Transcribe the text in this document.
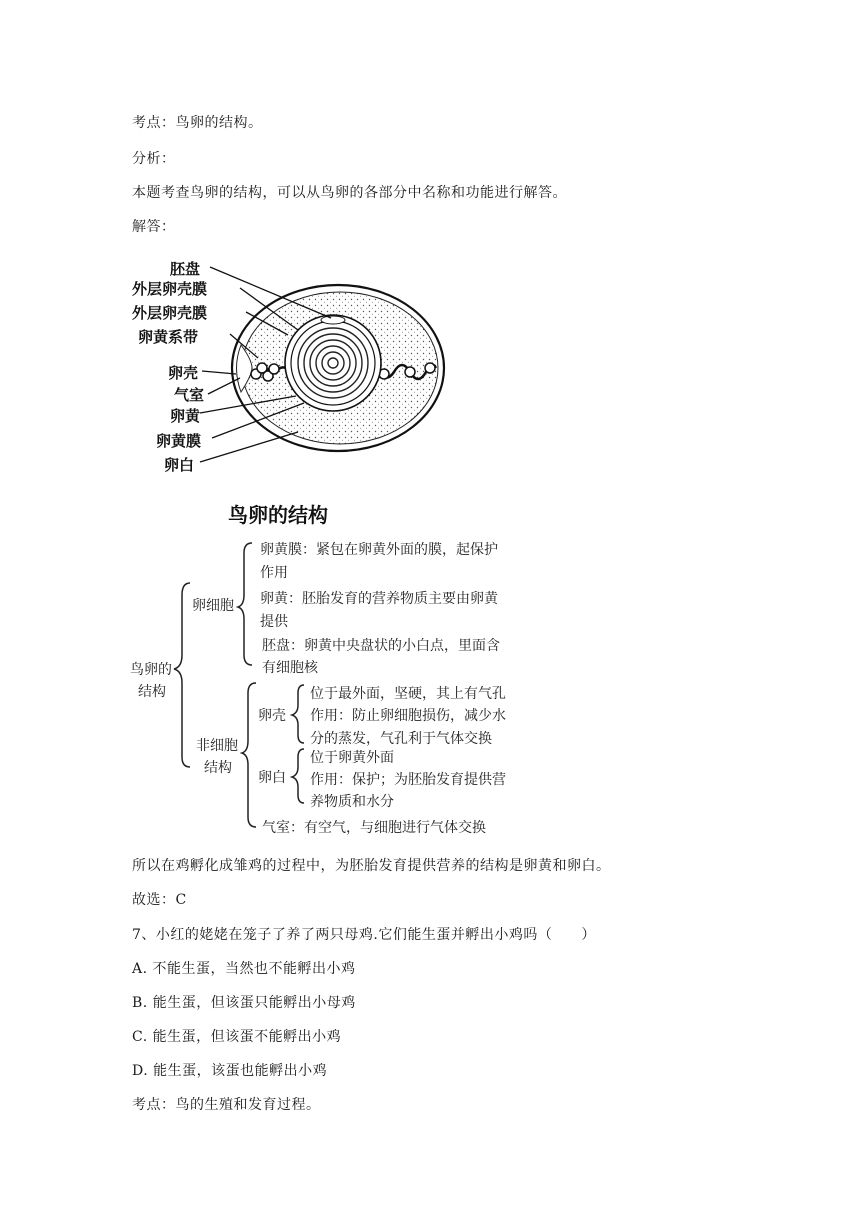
考点：鸟卵的结构。
分析：
本题考查鸟卵的结构，可以从鸟卵的各部分中名称和功能进行解答。
解答：
胚盘
外层卵壳膜
外层卵壳膜
卵黄系带
卵壳
气室
卵黄
卵黄膜
卵白
鸟卵的结构
鸟卵的
结构
卵细胞
卵黄膜：紧包在卵黄外面的膜，起保护
作用
卵黄：胚胎发育的营养物质主要由卵黄
提供
胚盘：卵黄中央盘状的小白点，里面含
有细胞核
非细胞
结构
卵壳
位于最外面，坚硬，其上有气孔
作用：防止卵细胞损伤，减少水
分的蒸发，气孔利于气体交换
卵白
位于卵黄外面
作用：保护；为胚胎发育提供营
养物质和水分
气室：有空气，与细胞进行气体交换
所以在鸡孵化成雏鸡的过程中，为胚胎发育提供营养的结构是卵黄和卵白。
故选：C
7、小红的姥姥在笼子了养了两只母鸡.它们能生蛋并孵出小鸡吗（　　）
A. 不能生蛋，当然也不能孵出小鸡
B. 能生蛋，但该蛋只能孵出小母鸡
C. 能生蛋，但该蛋不能孵出小鸡
D. 能生蛋，该蛋也能孵出小鸡
考点：鸟的生殖和发育过程。
